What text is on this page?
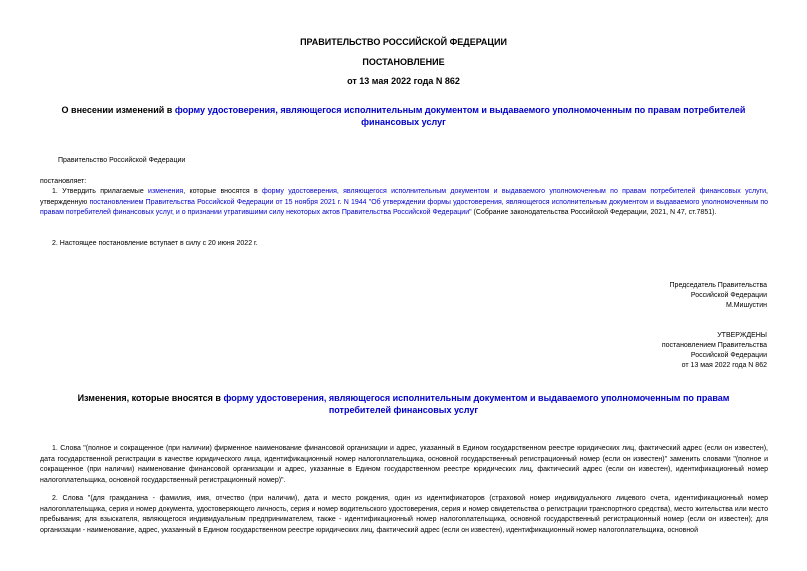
ПРАВИТЕЛЬСТВО РОССИЙСКОЙ ФЕДЕРАЦИИ
ПОСТАНОВЛЕНИЕ
от 13 мая 2022 года N 862
О внесении изменений в форму удостоверения, являющегося исполнительным документом и выдаваемого уполномоченным по правам потребителей финансовых услуг
Правительство Российской Федерации
постановляет:
1. Утвердить прилагаемые изменения, которые вносятся в форму удостоверения, являющегося исполнительным документом и выдаваемого уполномоченным по правам потребителей финансовых услуги, утвержденную постановлением Правительства Российской Федерации от 15 ноября 2021 г. N 1944 "Об утверждении формы удостоверения, являющегося исполнительным документом и выдаваемого уполномоченным по правам потребителей финансовых услуг, и о признании утратившими силу некоторых актов Правительства Российской Федерации" (Собрание законодательства Российской Федерации, 2021, N 47, ст.7851).
2. Настоящее постановление вступает в силу с 20 июня 2022 г.
Председатель Правительства
Российской Федерации
М.Мишустин
УТВЕРЖДЕНЫ
постановлением Правительства
Российской Федерации
от 13 мая 2022 года N 862
Изменения, которые вносятся в форму удостоверения, являющегося исполнительным документом и выдаваемого уполномоченным по правам потребителей финансовых услуг
1. Слова "(полное и сокращенное (при наличии) фирменное наименование финансовой организации и адрес, указанный в Едином государственном реестре юридических лиц, фактический адрес (если он известен), дата государственной регистрации в качестве юридического лица, идентификационный номер налогоплательщика, основной государственный регистрационный номер (если он известен)" заменить словами "(полное и сокращенное (при наличии) наименование финансовой организации и адрес, указанные в Едином государственном реестре юридических лиц, фактический адрес (если он известен), идентификационный номер налогоплательщика, основной государственный регистрационный номер)".
2. Слова "(для гражданина - фамилия, имя, отчество (при наличии), дата и место рождения, один из идентификаторов (страховой номер индивидуального лицевого счета, идентификационный номер налогоплательщика, серия и номер документа, удостоверяющего личность, серия и номер водительского удостоверения, серия и номер свидетельства о регистрации транспортного средства), место жительства или место пребывания; для взыскателя, являющегося индивидуальным предпринимателем, также - идентификационный номер налогоплательщика, основной государственный регистрационный номер (если он известен); для организации - наименование, адрес, указанный в Едином государственном реестре юридических лиц, фактический адрес (если он известен), идентификационный номер налогоплательщика, основной
